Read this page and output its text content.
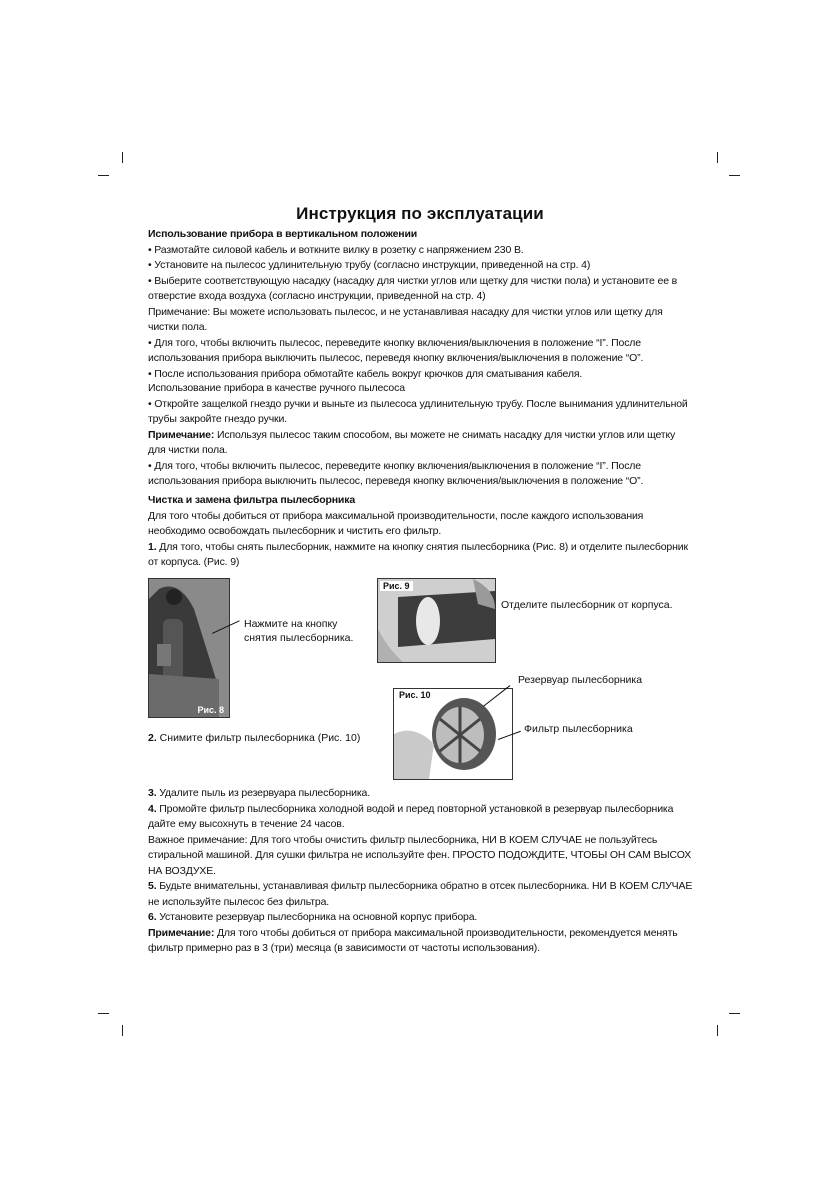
Инструкция по эксплуатации

Использование прибора в вертикальном положении

• Размотайте силовой кабель и воткните вилку в розетку с напряжением 230 В.

• Установите на пылесос удлинительную трубу (согласно инструкции, приведенной на стр. 4)

• Выберите соответствующую насадку (насадку для чистки углов или щетку для чистки пола) и установите ее в отверстие входа воздуха (согласно инструкции, приведенной на стр. 4)

Примечание: Вы можете использовать пылесос, и не устанавливая насадку для чистки углов или щетку для чистки пола.

• Для того, чтобы включить пылесос, переведите кнопку включения/выключения в положение “I”. После использования прибора выключить пылесос, переведя кнопку включения/выключения в положение “O”.

• После использования прибора обмотайте кабель вокруг крючков для сматывания кабеля.

Использование прибора в качестве ручного пылесоса

• Откройте защелкой гнездо ручки и выньте из пылесоса удлинительную трубу. После вынимания удлинительной трубы закройте гнездо ручки.

Примечание: Используя пылесос таким способом, вы можете не снимать насадку для чистки углов или щетку для чистки пола.

• Для того, чтобы включить пылесос, переведите кнопку включения/выключения в положение “I”. После использования прибора выключить пылесос, переведя кнопку включения/выключения в положение “O”.

Чистка и замена фильтра пылесборника

Для того чтобы добиться от прибора максимальной производительности, после каждого использования необходимо освобождать пылесборник и чистить его фильтр.

1. Для того, чтобы снять пылесборник, нажмите на кнопку снятия пылесборника (Рис. 8) и отделите пылесборник от корпуса. (Рис. 9)

3. Удалите пыль из резервуара пылесборника.

4. Промойте фильтр пылесборника холодной водой и перед повторной установкой в резервуар пылесборника дайте ему высохнуть в течение 24 часов.

Важное примечание: Для того чтобы очистить фильтр пылесборника, НИ В КОЕМ СЛУЧАЕ не пользуйтесь стиральной машиной. Для сушки фильтра не используйте фен. ПРОСТО ПОДОЖДИТЕ, ЧТОБЫ ОН САМ ВЫСОХ НА ВОЗДУХЕ.

5. Будьте внимательны, устанавливая фильтр пылесборника обратно в отсек пылесборника. НИ В КОЕМ СЛУЧАЕ не используйте пылесос без фильтра.

6. Установите резервуар пылесборника на основной корпус прибора.

Примечание: Для того чтобы добиться от прибора максимальной производительности, рекомендуется менять фильтр примерно раз в 3 (три) месяца (в зависимости от частоты использования).

Рис. 8
Нажмите на кнопку снятия пылесборника.
Рис. 9
Отделите пылесборник от корпуса.
Рис. 10
Резервуар пылесборника
Фильтр пылесборника
2. Снимите фильтр пылесборника (Рис. 10)
